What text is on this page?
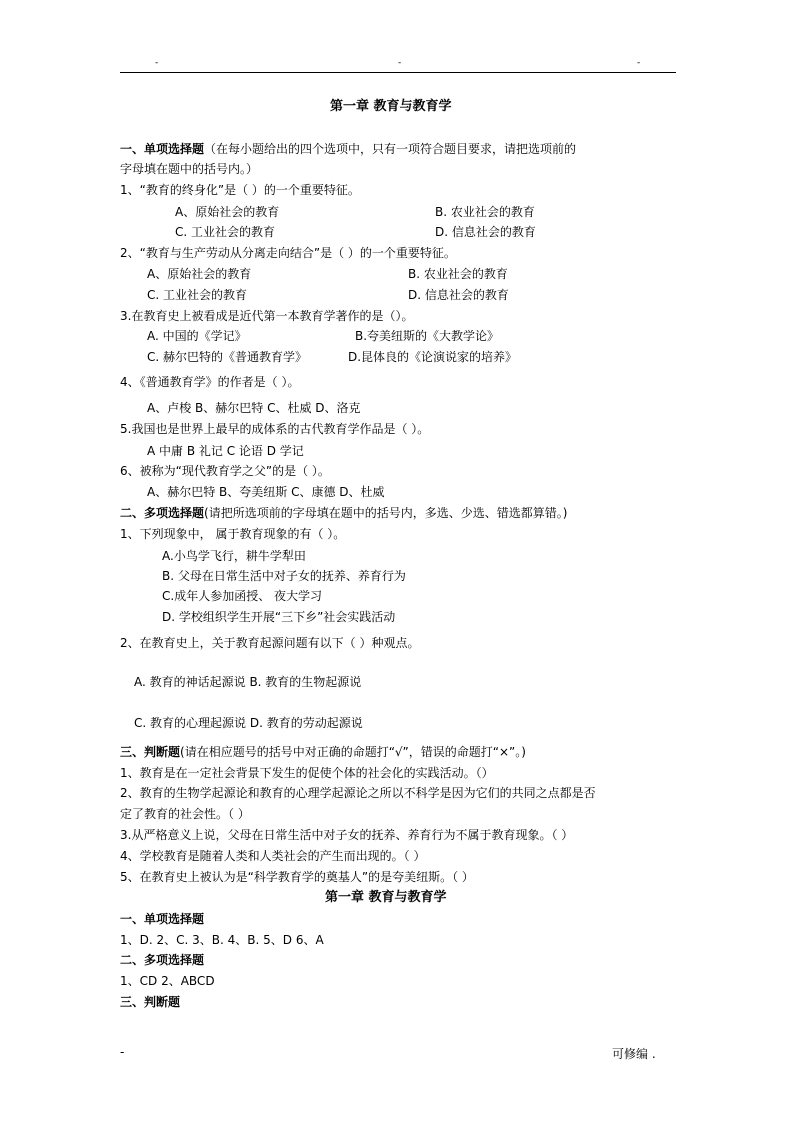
-	-	-
第一章 教育与教育学
一、单项选择题（在每小题给出的四个选项中，只有一项符合题目要求，请把选项前的
字母填在题中的括号内。）
1、“教育的终身化”是（ ）的一个重要特征。
A、原始社会的教育	B. 农业社会的教育
C. 工业社会的教育	D. 信息社会的教育
2、“教育与生产劳动从分离走向结合”是（ ）的一个重要特征。
A、原始社会的教育	B. 农业社会的教育
C. 工业社会的教育	D. 信息社会的教育
3.在教育史上被看成是近代第一本教育学著作的是（）。
A. 中国的《学记》	B.夸美纽斯的《大教学论》
C. 赫尔巴特的《普通教育学》	D.昆体良的《论演说家的培养》
4、《普通教育学》的作者是（ ）。
A、卢梭 B、赫尔巴特 C、杜威 D、洛克
5.我国也是世界上最早的成体系的古代教育学作品是（ ）。
A 中庸 B 礼记 C 论语 D 学记
6、被称为“现代教育学之父”的是（ ）。
A、赫尔巴特 B、夸美纽斯 C、康德 D、杜威
二、多项选择题(请把所选项前的字母填在题中的括号内，多选、少选、错选都算错。)
1、下列现象中， 属于教育现象的有（ ）。
A.小鸟学飞行，耕牛学犁田
B. 父母在日常生活中对子女的抚养、养育行为
C.成年人参加函授、 夜大学习
D. 学校组织学生开展“三下乡”社会实践活动
2、在教育史上，关于教育起源问题有以下（ ）种观点。
A. 教育的神话起源说 B. 教育的生物起源说
C. 教育的心理起源说 D. 教育的劳动起源说
三、判断题(请在相应题号的括号中对正确的命题打“√”，错误的命题打“×”。)
1、教育是在一定社会背景下发生的促使个体的社会化的实践活动。（）
2、教育的生物学起源论和教育的心理学起源论之所以不科学是因为它们的共同之点都是否
定了教育的社会性。（ ）
3.从严格意义上说，父母在日常生活中对子女的抚养、养育行为不属于教育现象。（ ）
4、学校教育是随着人类和人类社会的产生而出现的。（ ）
5、在教育史上被认为是“科学教育学的奠基人”的是夸美纽斯。（ ）
第一章 教育与教育学
一、单项选择题
1、D. 2、C. 3、B. 4、B. 5、D 6、A
二、多项选择题
1、CD 2、ABCD
三、判断题
-	可修编 .
